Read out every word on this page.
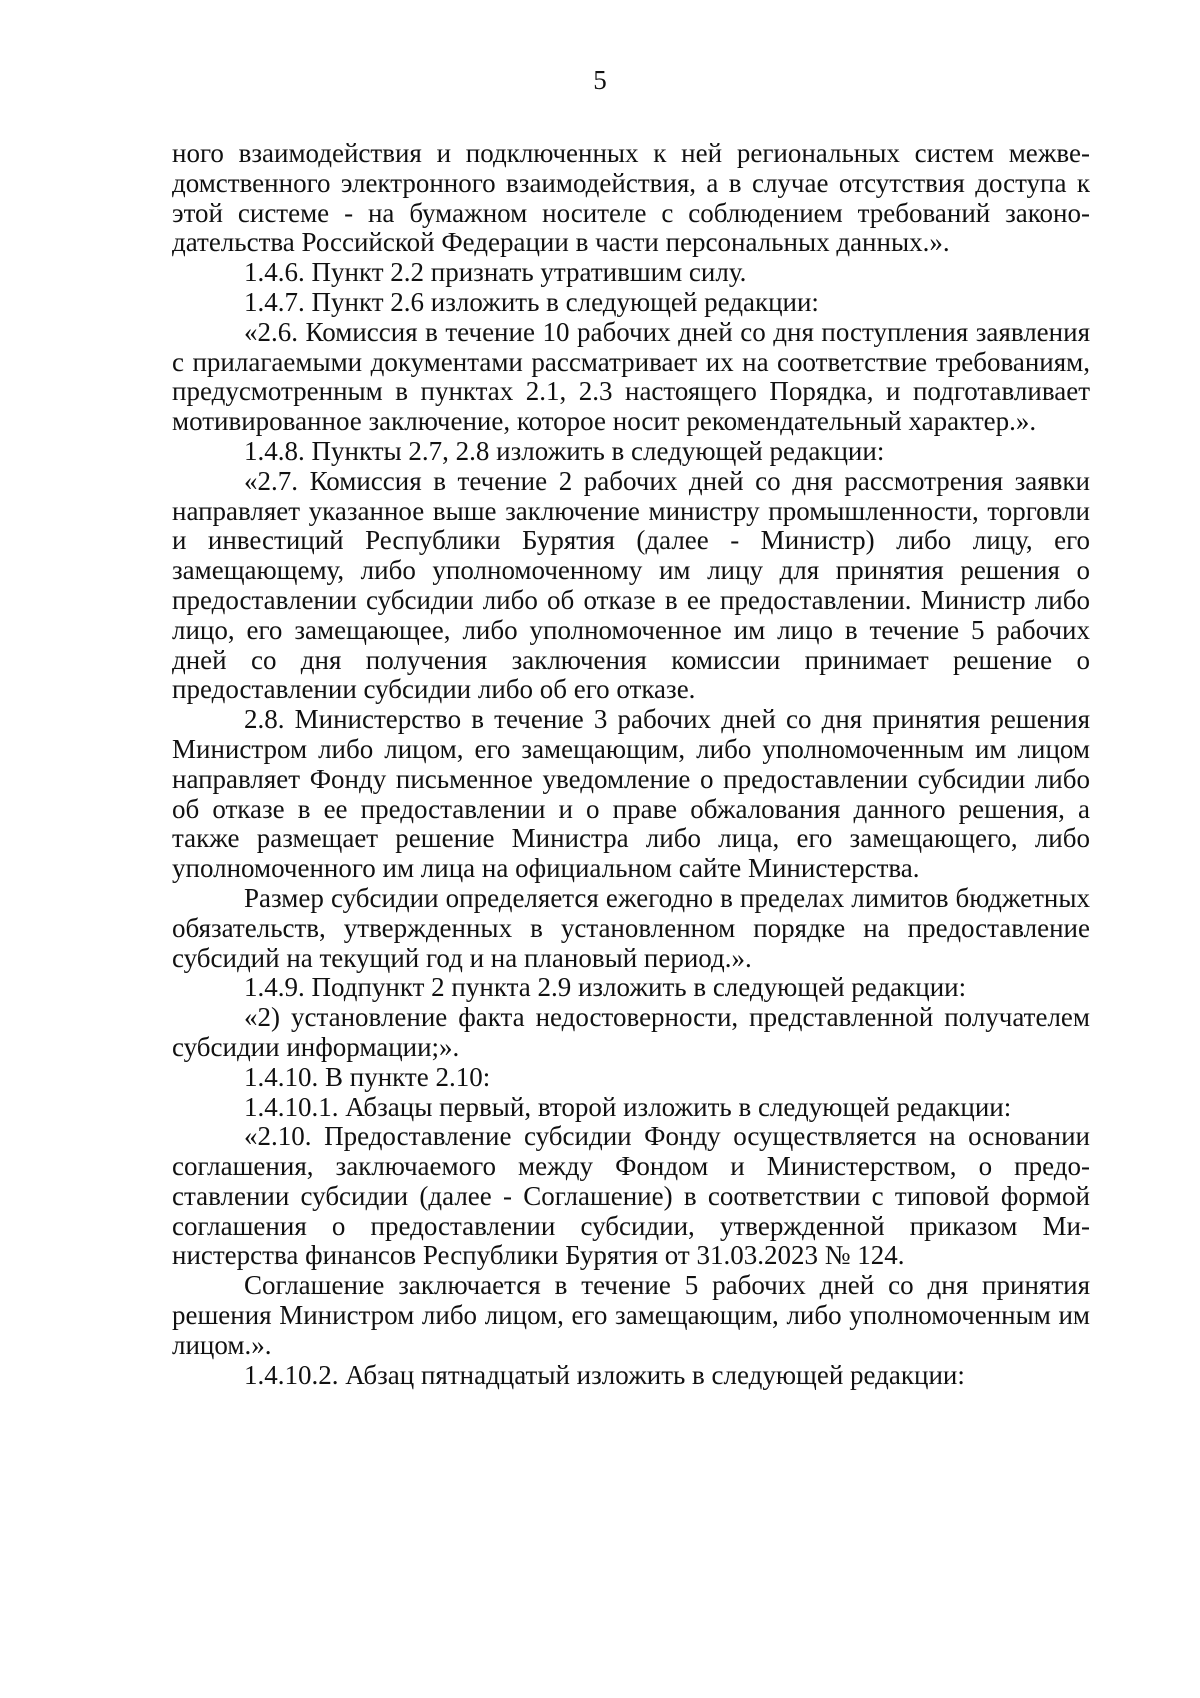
5

ного взаимодействия и подключенных к ней региональных систем межведомственного электронного взаимодействия, а в случае отсутствия доступа к этой системе - на бумажном носителе с соблюдением требований законодательства Российской Федерации в части персональных данных.».

1.4.6. Пункт 2.2 признать утратившим силу.

1.4.7. Пункт 2.6 изложить в следующей редакции:

«2.6. Комиссия в течение 10 рабочих дней со дня поступления заявления с прилагаемыми документами рассматривает их на соответствие требованиям, предусмотренным в пунктах 2.1, 2.3 настоящего Порядка, и подготавливает мотивированное заключение, которое носит рекомендательный характер.».

1.4.8. Пункты 2.7, 2.8 изложить в следующей редакции:

«2.7. Комиссия в течение 2 рабочих дней со дня рассмотрения заявки направляет указанное выше заключение министру промышленности, торговли и инвестиций Республики Бурятия (далее - Министр) либо лицу, его замещающему, либо уполномоченному им лицу для принятия решения о предоставлении субсидии либо об отказе в ее предоставлении. Министр либо лицо, его замещающее, либо уполномоченное им лицо в течение 5 рабочих дней со дня получения заключения комиссии принимает решение о предоставлении субсидии либо об его отказе.

2.8. Министерство в течение 3 рабочих дней со дня принятия решения Министром либо лицом, его замещающим, либо уполномоченным им лицом направляет Фонду письменное уведомление о предоставлении субсидии либо об отказе в ее предоставлении и о праве обжалования данного решения, а также размещает решение Министра либо лица, его замещающего, либо уполномоченного им лица на официальном сайте Министерства.

Размер субсидии определяется ежегодно в пределах лимитов бюджетных обязательств, утвержденных в установленном порядке на предоставление субсидий на текущий год и на плановый период.».

1.4.9. Подпункт 2 пункта 2.9 изложить в следующей редакции:

«2) установление факта недостоверности, представленной получателем субсидии информации;».

1.4.10. В пункте 2.10:

1.4.10.1. Абзацы первый, второй изложить в следующей редакции:

«2.10. Предоставление субсидии Фонду осуществляется на основании соглашения, заключаемого между Фондом и Министерством, о предоставлении субсидии (далее - Соглашение) в соответствии с типовой формой соглашения о предоставлении субсидии, утвержденной приказом Министерства финансов Республики Бурятия от 31.03.2023 № 124.

Соглашение заключается в течение 5 рабочих дней со дня принятия решения Министром либо лицом, его замещающим, либо уполномоченным им лицом.».

1.4.10.2. Абзац пятнадцатый изложить в следующей редакции:
